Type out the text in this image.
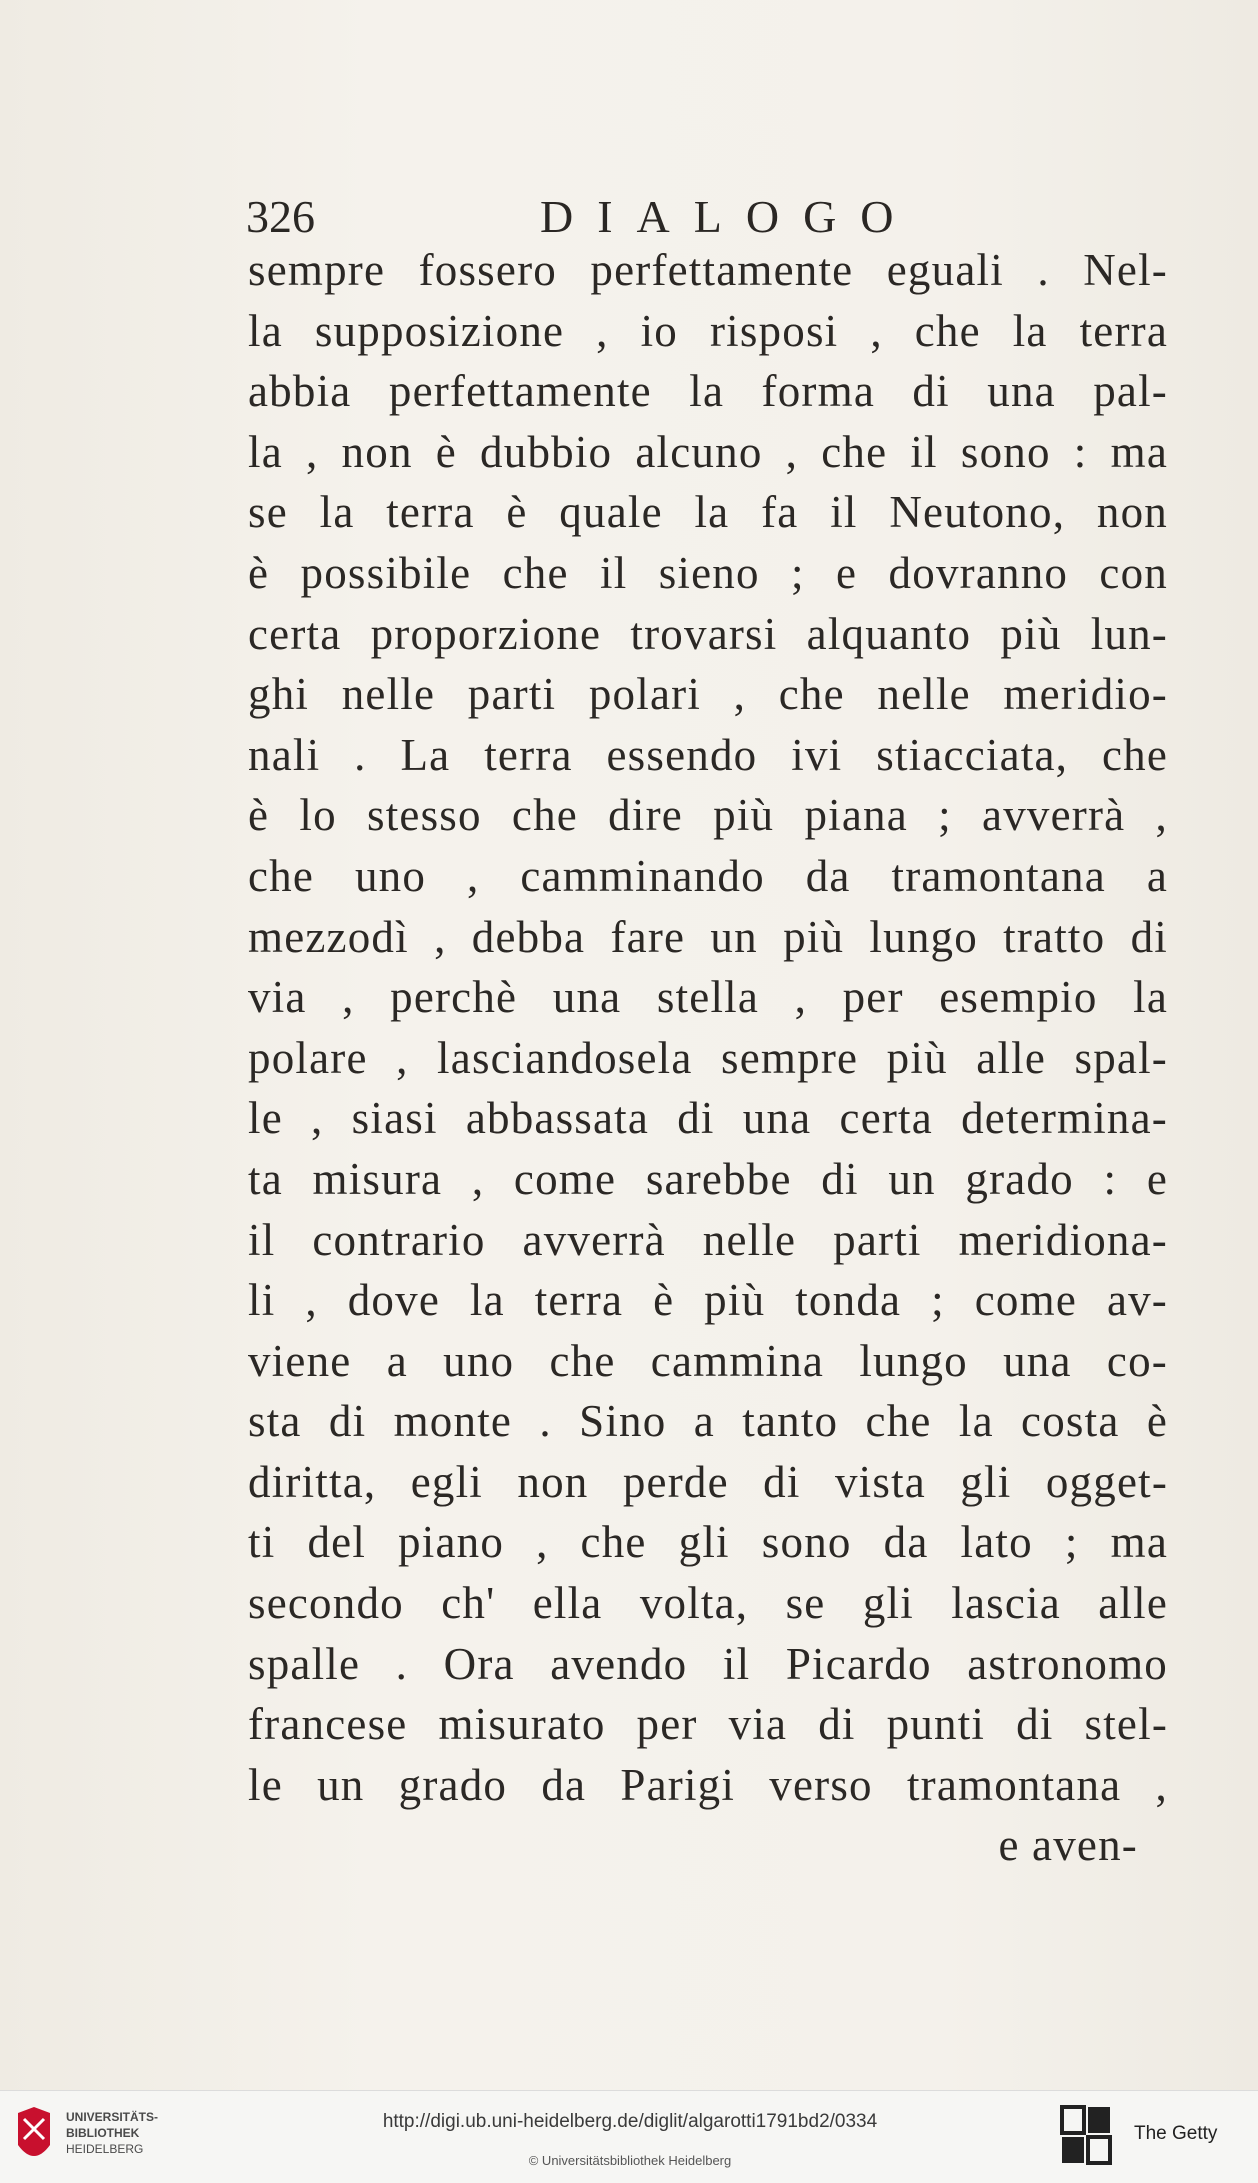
326	DIALOGO
sempre fossero perfettamente eguali . Nel-
la supposizione , io risposi , che la terra
abbia perfettamente la forma di una pal-
la , non è dubbio alcuno , che il sono : ma
se la terra è quale la fa il Neutono, non
è possibile che il sieno ; e dovranno con
certa proporzione trovarsi alquanto più lun-
ghi nelle parti polari , che nelle meridio-
nali . La terra essendo ivi stiacciata, che
è lo stesso che dire più piana ; avverrà ,
che uno , camminando da tramontana a
mezzodì , debba fare un più lungo tratto di
via , perchè una stella , per esempio la
polare , lasciandosela sempre più alle spal-
le , siasi abbassata di una certa determina-
ta misura , come sarebbe di un grado : e
il contrario avverrà nelle parti meridiona-
li , dove la terra è più tonda ; come av-
viene a uno che cammina lungo una co-
sta di monte . Sino a tanto che la costa è
diritta, egli non perde di vista gli ogget-
ti del piano , che gli sono da lato ; ma
secondo ch' ella volta, se gli lascia alle
spalle . Ora avendo il Picardo astronomo
francese misurato per via di punti di stel-
le un grado da Parigi verso tramontana ,
e aven-
UNIVERSITÄTS-
BIBLIOTHEK
HEIDELBERG
http://digi.ub.uni-heidelberg.de/diglit/algarotti1791bd2/0334
© Universitätsbibliothek Heidelberg
The Getty
